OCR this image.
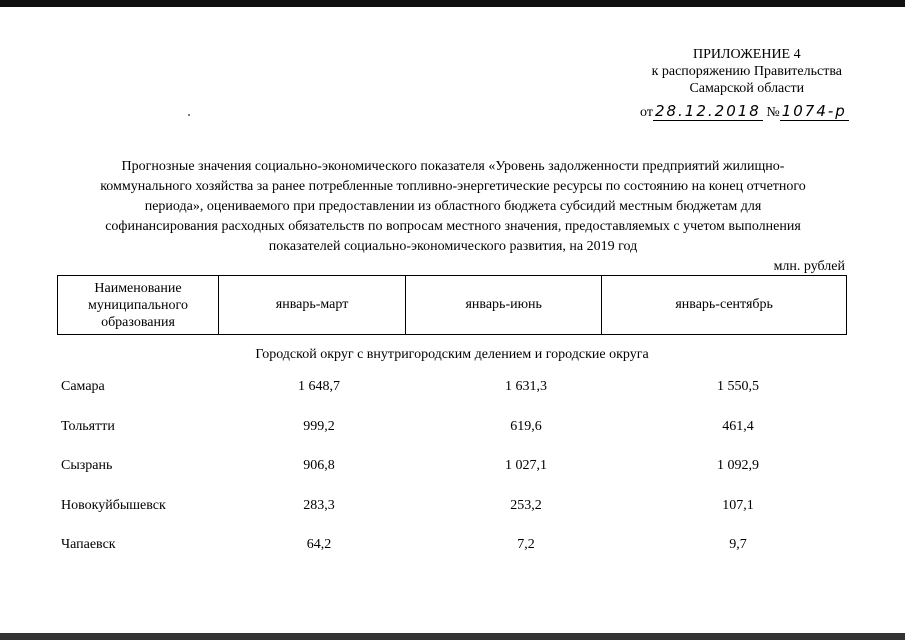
ПРИЛОЖЕНИЕ 4
к распоряжению Правительства
Самарской области
от 28.12.2018 № 1074-р
Прогнозные значения социально-экономического показателя «Уровень задолженности предприятий жилищно-
коммунального хозяйства за ранее потребленные топливно-энергетические ресурсы по состоянию на конец отчетного
периода», оцениваемого при предоставлении из областного бюджета субсидий местным бюджетам для
софинансирования расходных обязательств по вопросам местного значения, предоставляемых с учетом выполнения
показателей социально-экономического развития, на 2019 год
млн. рублей
Наименование муниципального образования	январь-март	январь-июнь	январь-сентябрь
Городской округ с внутригородским делением и городские округа
Самара	1 648,7	1 631,3	1 550,5
Тольятти	999,2	619,6	461,4
Сызрань	906,8	1 027,1	1 092,9
Новокуйбышевск	283,3	253,2	107,1
Чапаевск	64,2	7,2	9,7
